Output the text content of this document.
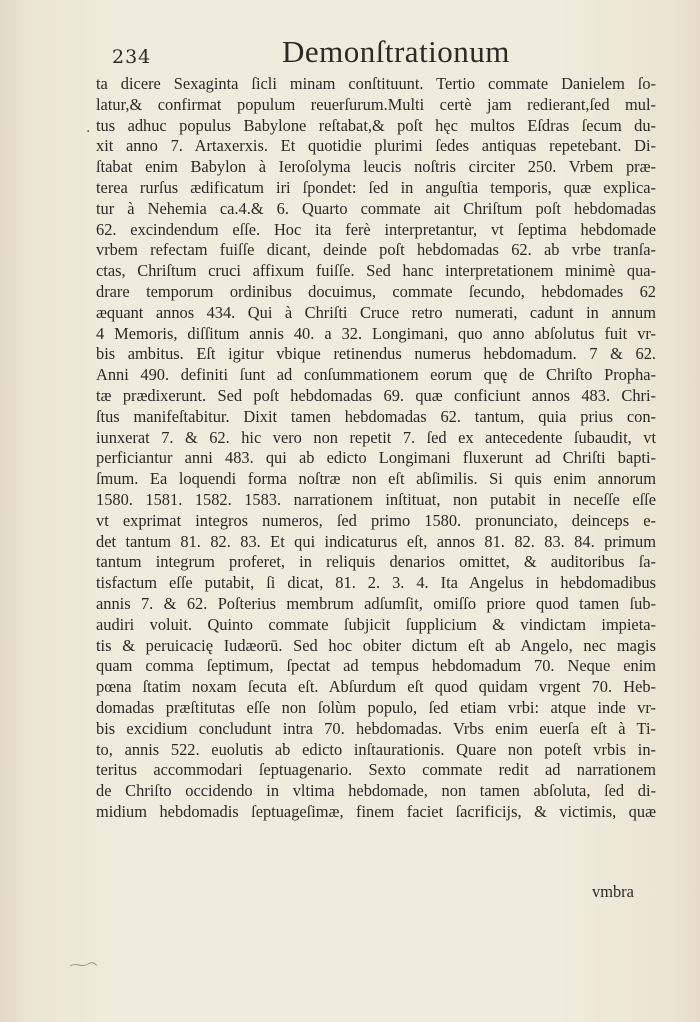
234	Demonſtrationum
·
ta dicere Sexaginta ſicli minam conſtituunt. Tertio commate Danielem ſo-
latur,& confirmat populum reuerſurum.Multi certè jam redierant,ſed mul-
tus adhuc populus Babylone reſtabat,& poſt hęc multos Eſdras ſecum du-
xit anno 7. Artaxerxis. Et quotidie plurimi ſedes antiquas repetebant. Di-
ſtabat enim Babylon à Ieroſolyma leucis noſtris circiter 250. Vrbem præ-
terea rurſus ædificatum iri ſpondet: ſed in anguſtia temporis, quæ explica-
tur à Nehemia ca.4.& 6. Quarto commate ait Chriſtum poſt hebdomadas
62. excindendum eſſe. Hoc ita ferè interpretantur, vt ſeptima hebdomade
vrbem refectam fuiſſe dicant, deinde poſt hebdomadas 62. ab vrbe tranſa-
ctas, Chriſtum cruci affixum fuiſſe. Sed hanc interpretationem minimè qua-
drare temporum ordinibus docuimus, commate ſecundo, hebdomades 62
æquant annos 434. Qui à Chriſti Cruce retro numerati, cadunt in annum
4 Memoris, diſſitum annis 40. a 32. Longimani, quo anno abſolutus fuit vr-
bis ambitus. Eſt igitur vbique retinendus numerus hebdomadum. 7 & 62.
Anni 490. definiti ſunt ad conſummationem eorum quę de Chriſto Propha-
tæ prædixerunt. Sed poſt hebdomadas 69. quæ conficiunt annos 483. Chri-
ſtus manifeſtabitur. Dixit tamen hebdomadas 62. tantum, quia prius con-
iunxerat 7. & 62. hic vero non repetit 7. ſed ex antecedente ſubaudit, vt
perficiantur anni 483. qui ab edicto Longimani fluxerunt ad Chriſti bapti-
ſmum. Ea loquendi forma noſtræ non eſt abſimilis. Si quis enim annorum
1580. 1581. 1582. 1583. narrationem inſtituat, non putabit in neceſſe eſſe
vt exprimat integros numeros, ſed primo 1580. pronunciato, deinceps e-
det tantum 81. 82. 83. Et qui indicaturus eſt, annos 81. 82. 83. 84. primum
tantum integrum proferet, in reliquis denarios omittet, & auditoribus ſa-
tisfactum eſſe putabit, ſi dicat, 81. 2. 3. 4. Ita Angelus in hebdomadibus
annis 7. & 62. Poſterius membrum adſumſit, omiſſo priore quod tamen ſub-
audiri voluit. Quinto commate ſubjicit ſupplicium & vindictam impieta-
tis & peruicacię Iudæorū. Sed hoc obiter dictum eſt ab Angelo, nec magis
quam comma ſeptimum, ſpectat ad tempus hebdomadum 70. Neque enim
pœna ſtatim noxam ſecuta eſt. Abſurdum eſt quod quidam vrgent 70. Heb-
domadas præſtitutas eſſe non ſolùm populo, ſed etiam vrbi: atque inde vr-
bis excidium concludunt intra 70. hebdomadas. Vrbs enim euerſa eſt à Ti-
to, annis 522. euolutis ab edicto inſtaurationis. Quare non poteſt vrbis in-
teritus accommodari ſeptuagenario. Sexto commate redit ad narrationem
de Chriſto occidendo in vltima hebdomade, non tamen abſoluta, ſed di-
midium hebdomadis ſeptuageſimæ, finem faciet ſacrificijs, & victimis, quæ
vmbra
